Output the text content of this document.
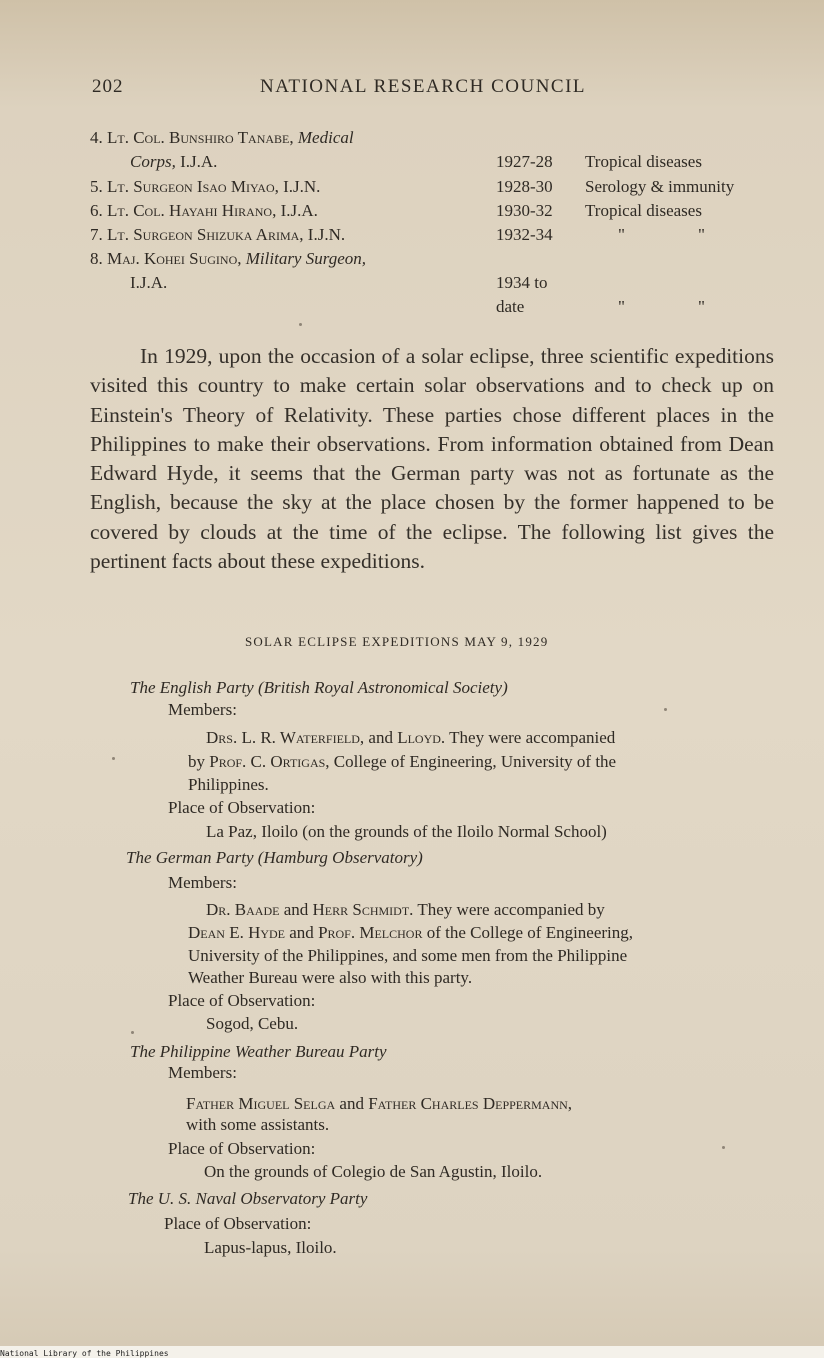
202	NATIONAL RESEARCH COUNCIL
4. Lt. Col. Bunshiro Tanabe, Medical
Corps, I.J.A.	1927-28 Tropical diseases
5. Lt. Surgeon Isao Miyao, I.J.N.	1928-30 Serology & immunity
6. Lt. Col. Hayahi Hirano, I.J.A.	1930-32 Tropical diseases
7. Lt. Surgeon Shizuka Arima, I.J.N.	1932-34	"	"
8. Maj. Kohei Sugino, Military Surgeon,
I.J.A.	1934 to
date	"	"

In 1929, upon the occasion of a solar eclipse, three scientific expeditions visited this country to make certain solar observations and to check up on Einstein's Theory of Relativity. These parties chose different places in the Philippines to make their observations. From information obtained from Dean Edward Hyde, it seems that the German party was not as fortunate as the English, because the sky at the place chosen by the former happened to be covered by clouds at the time of the eclipse. The following list gives the pertinent facts about these expeditions.

SOLAR ECLIPSE EXPEDITIONS MAY 9, 1929
The English Party (British Royal Astronomical Society)
Members:
Drs. L. R. Waterfield, and Lloyd. They were accompanied
by Prof. C. Ortigas, College of Engineering, University of the
Philippines.
Place of Observation:
La Paz, Iloilo (on the grounds of the Iloilo Normal School)
The German Party (Hamburg Observatory)
Members:
Dr. Baade and Herr Schmidt. They were accompanied by
Dean E. Hyde and Prof. Melchor of the College of Engineering,
University of the Philippines, and some men from the Philippine
Weather Bureau were also with this party.
Place of Observation:
Sogod, Cebu.
The Philippine Weather Bureau Party
Members:
Father Miguel Selga and Father Charles Deppermann,
with some assistants.
Place of Observation:
On the grounds of Colegio de San Agustin, Iloilo.
The U. S. Naval Observatory Party
Place of Observation:
Lapus-lapus, Iloilo.
National Library of the Philippines
